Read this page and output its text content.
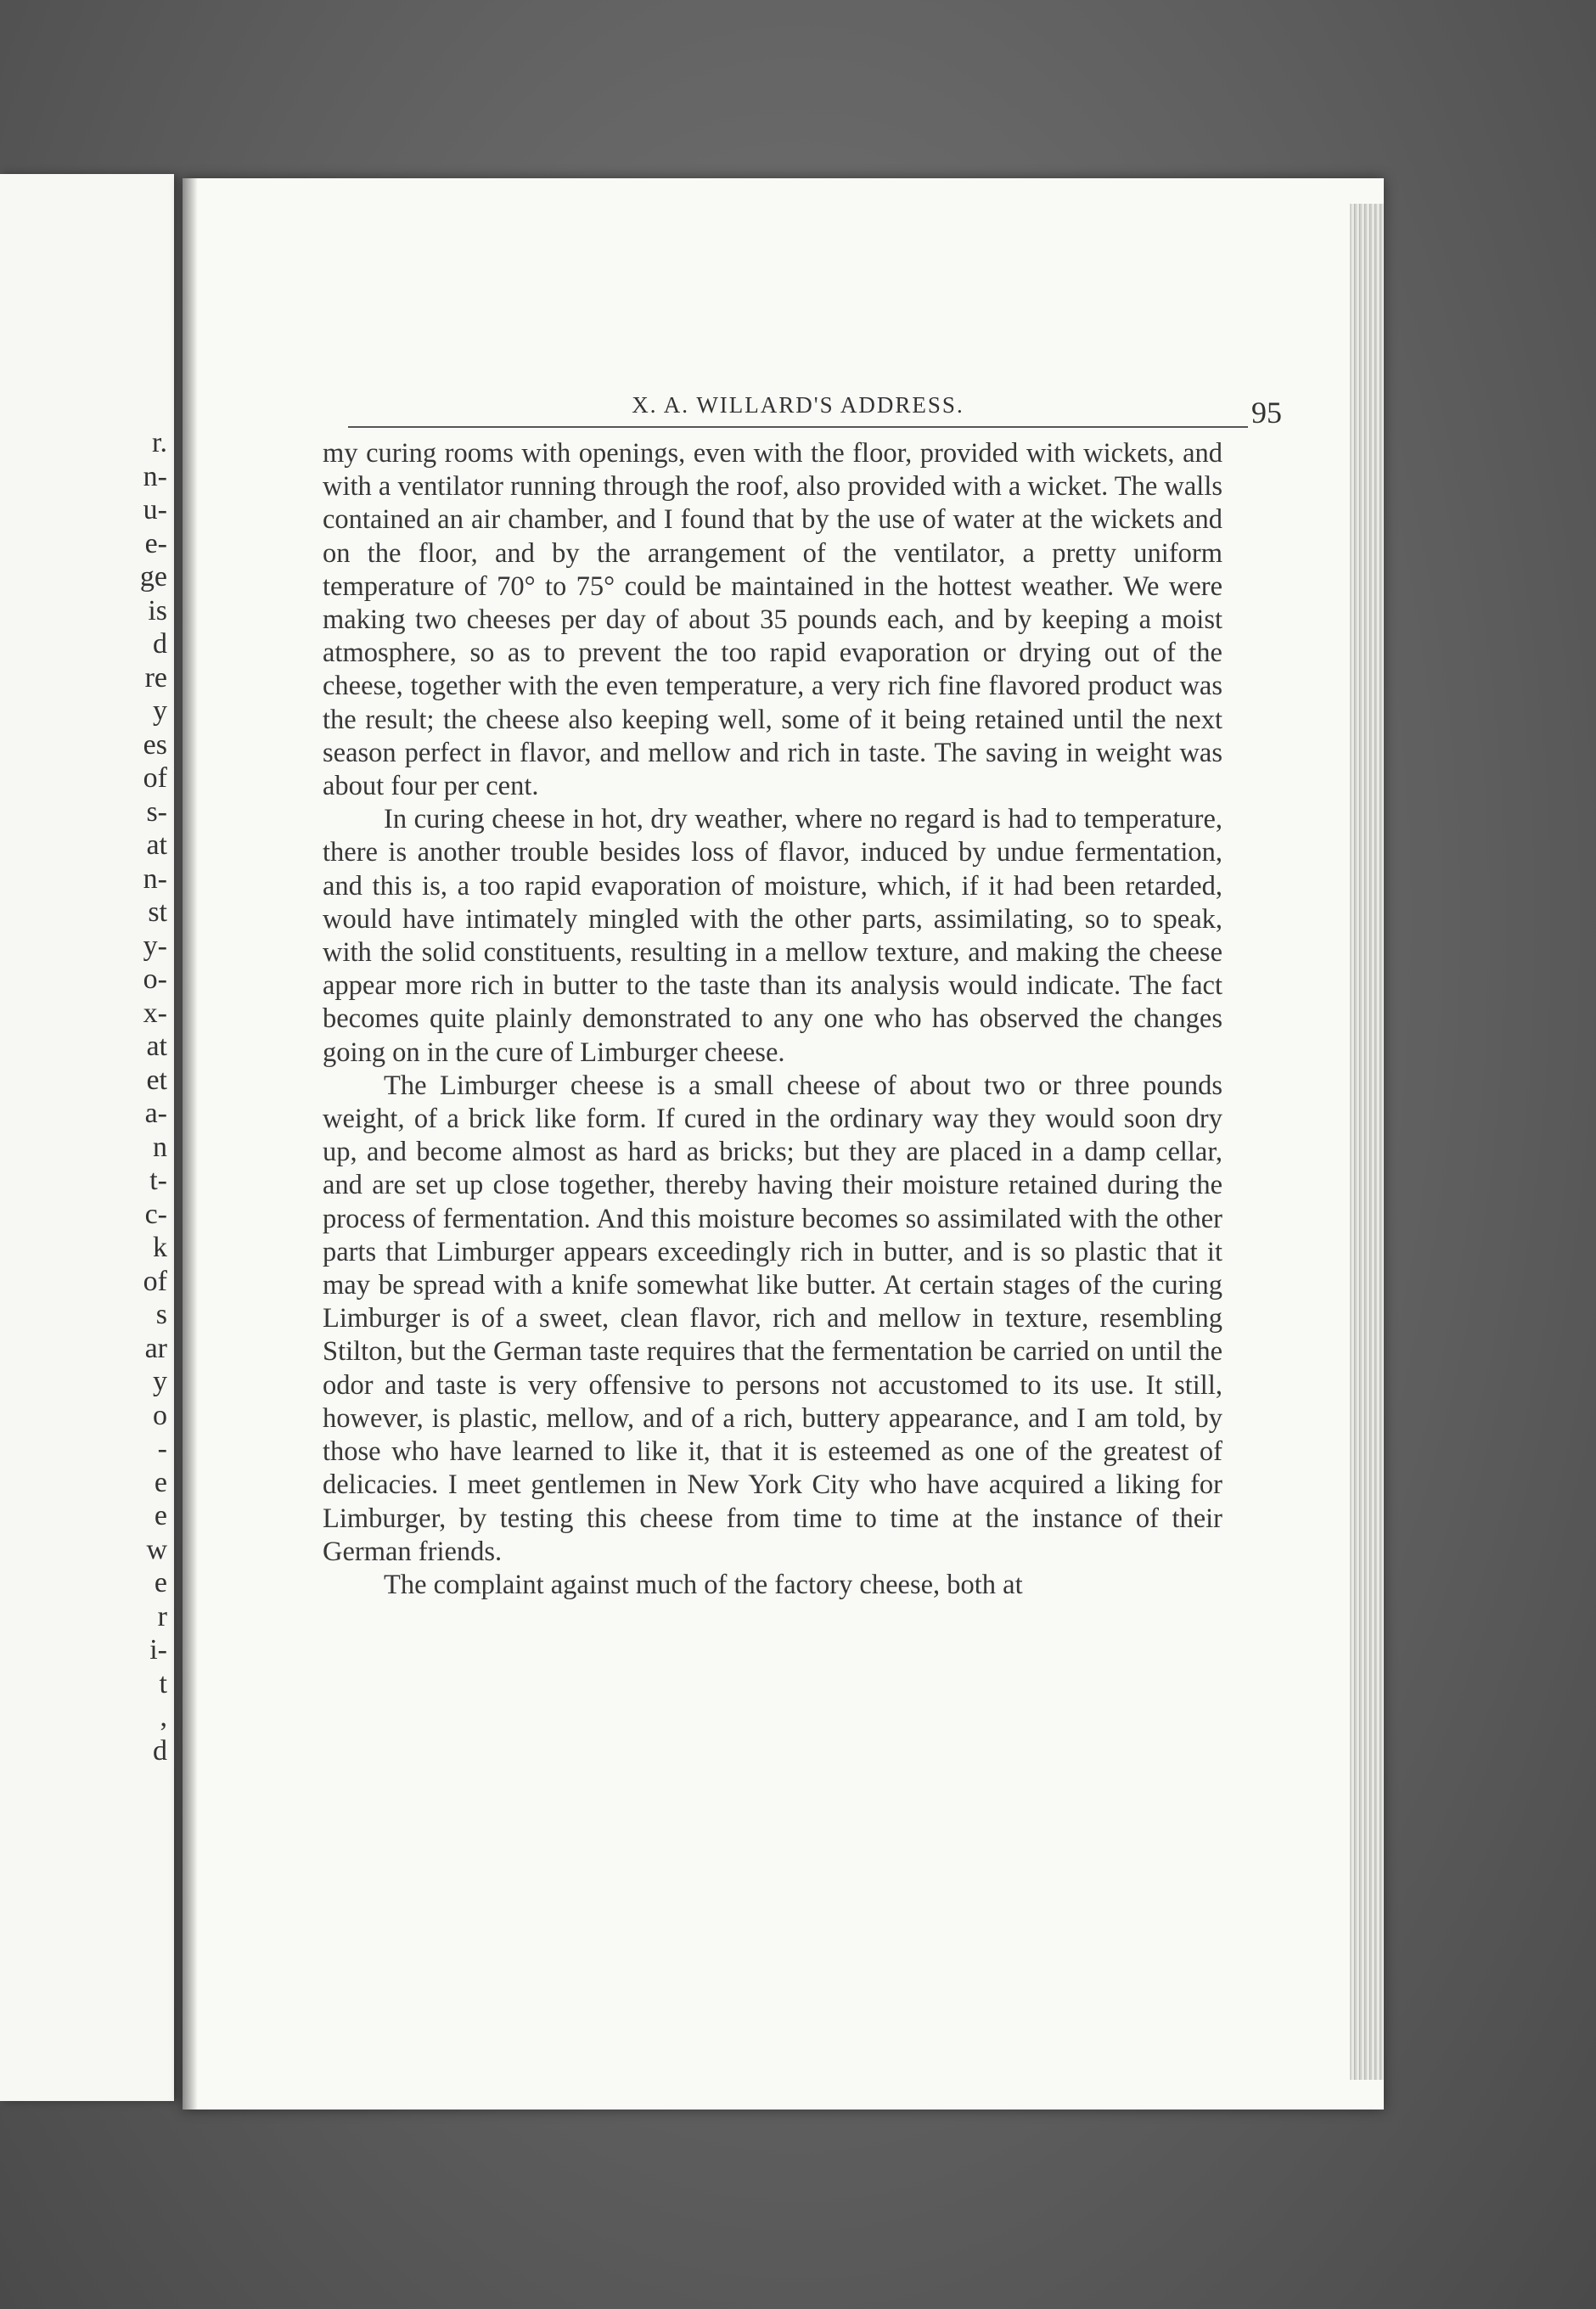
r.
n-
u-
e-
ge
is
d
re
y
es
of
s-
at
n-
st
y-
o-
x-
at
et
a-
n
t-
c-
k
of
s
ar
y
o
-
e
e
w
e
r
i-
t
,
d
X. A. WILLARD'S ADDRESS.	95

my curing rooms with openings, even with the floor, provided with wickets, and with a ventilator running through the roof, also provided with a wicket. The walls contained an air chamber, and I found that by the use of water at the wickets and on the floor, and by the arrangement of the ventilator, a pretty uniform temperature of 70° to 75° could be maintained in the hottest weather. We were making two cheeses per day of about 35 pounds each, and by keeping a moist atmosphere, so as to prevent the too rapid evaporation or drying out of the cheese, together with the even temperature, a very rich fine flavored product was the result; the cheese also keeping well, some of it being retained until the next season perfect in flavor, and mellow and rich in taste. The saving in weight was about four per cent.

In curing cheese in hot, dry weather, where no regard is had to temperature, there is another trouble besides loss of flavor, induced by undue fermentation, and this is, a too rapid evaporation of moisture, which, if it had been retarded, would have intimately mingled with the other parts, assimilating, so to speak, with the solid constituents, resulting in a mellow texture, and making the cheese appear more rich in butter to the taste than its analysis would indicate. The fact becomes quite plainly demonstrated to any one who has observed the changes going on in the cure of Limburger cheese.

The Limburger cheese is a small cheese of about two or three pounds weight, of a brick like form. If cured in the ordinary way they would soon dry up, and become almost as hard as bricks; but they are placed in a damp cellar, and are set up close together, thereby having their moisture retained during the process of fermentation. And this moisture becomes so assimilated with the other parts that Limburger appears exceedingly rich in butter, and is so plastic that it may be spread with a knife somewhat like butter. At certain stages of the curing Limburger is of a sweet, clean flavor, rich and mellow in texture, resembling Stilton, but the German taste requires that the fermentation be carried on until the odor and taste is very offensive to persons not accustomed to its use. It still, however, is plastic, mellow, and of a rich, buttery appearance, and I am told, by those who have learned to like it, that it is esteemed as one of the greatest of delicacies. I meet gentlemen in New York City who have acquired a liking for Limburger, by testing this cheese from time to time at the instance of their German friends.

The complaint against much of the factory cheese, both at
